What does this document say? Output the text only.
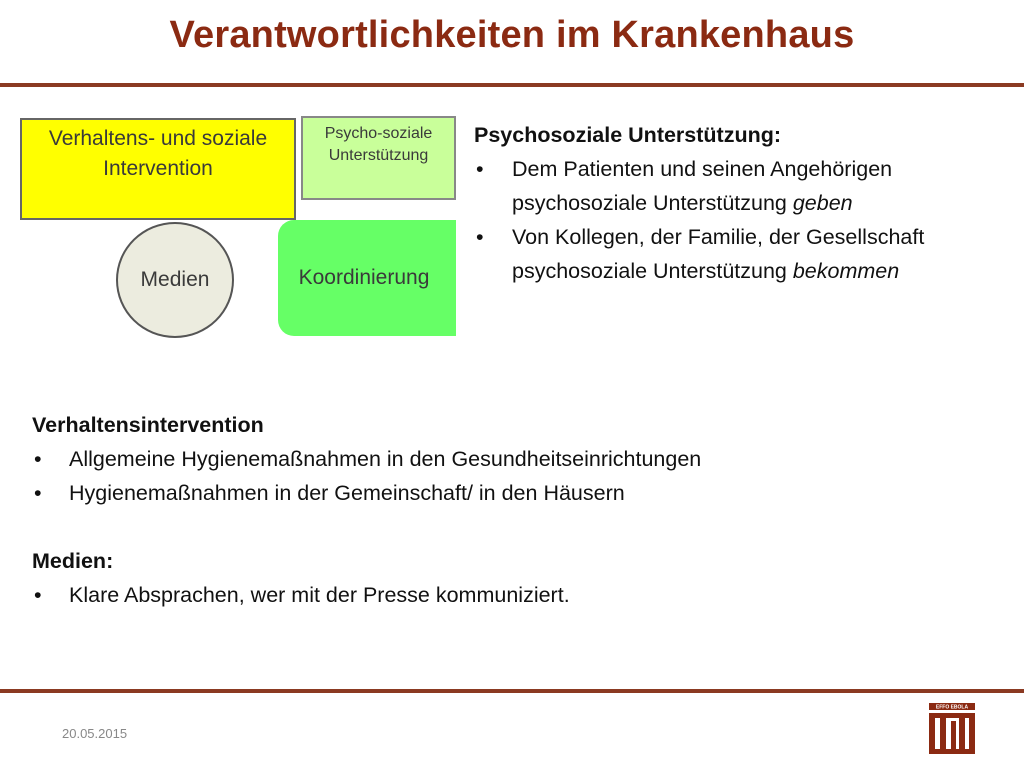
Verantwortlichkeiten im Krankenhaus
Verhaltens- und soziale Intervention
Psycho-soziale Unterstützung
Medien	Koordinierung
Psychosoziale Unterstützung:
• Dem Patienten und seinen Angehörigen psychosoziale Unterstützung geben
• Von Kollegen, der Familie, der Gesellschaft psychosoziale Unterstützung bekommen
Verhaltensintervention
• Allgemeine Hygienemaßnahmen in den Gesundheitseinrichtungen
• Hygienemaßnahmen in der Gemeinschaft/ in den Häusern
Medien:
• Klare Absprachen, wer mit der Presse kommuniziert.
20.05.2015
EFFO EBOLA
